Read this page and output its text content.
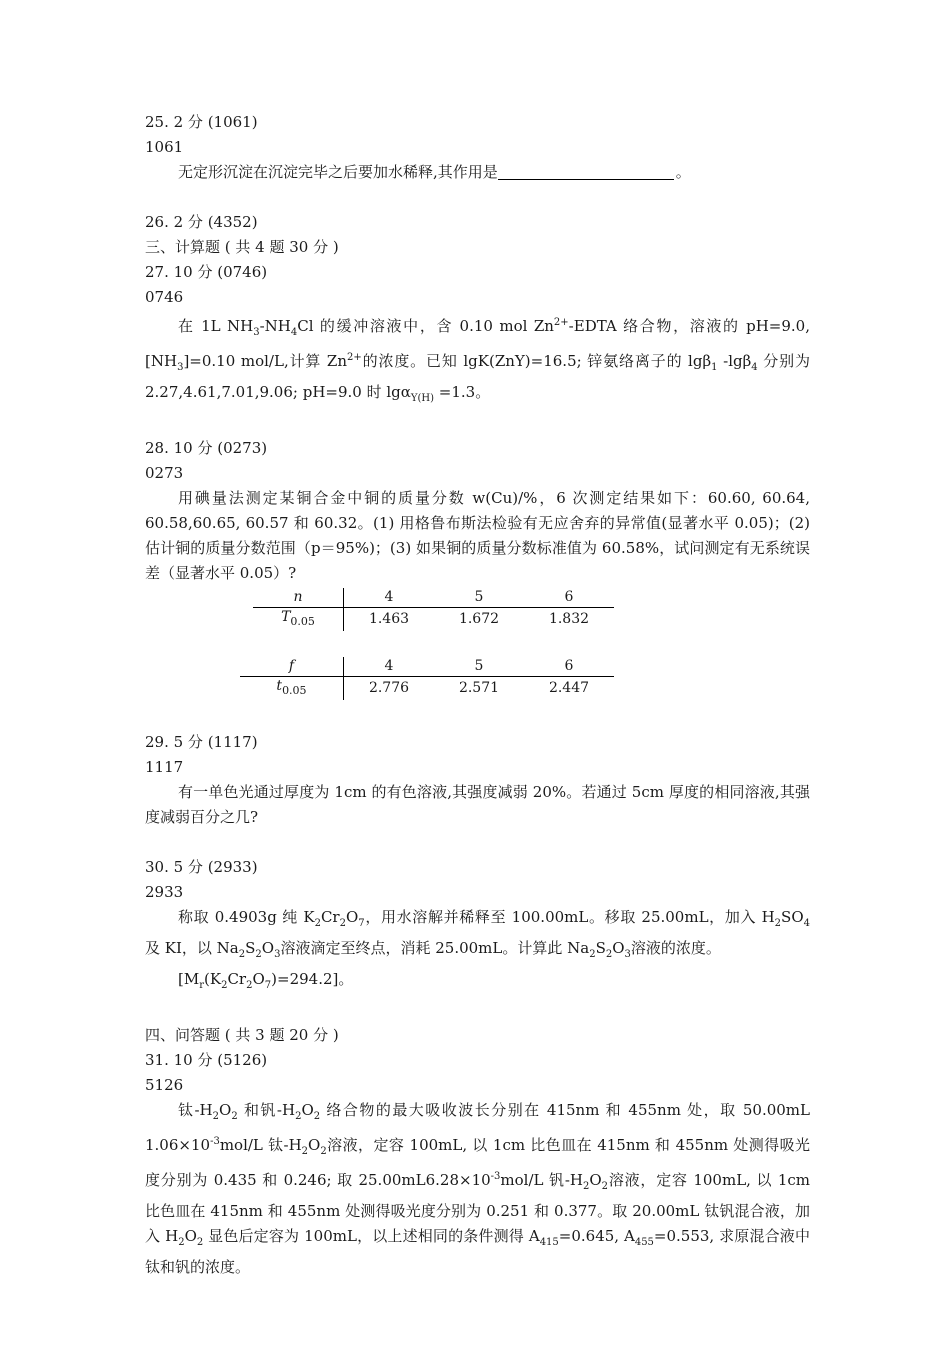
25. 2 分 (1061)
1061
无定形沉淀在沉淀完毕之后要加水稀释,其作用是	。
26. 2 分 (4352)
三、计算题 ( 共 4 题 30 分 )
27. 10 分 (0746)
0746
在 1L $NH_3-NH_4Cl$ 的缓冲溶液中，含 0.10 mol $Zn^{2+}$-EDTA 络合物，溶液的 $pH=9.0,[NH_3]=0.10$ mol/L,计算 $Zn^{2+}$的浓度。已知 lgK(ZnY)=16.5; 锌氨络离子的 lgβ$_1$ -lgβ$_4$ 分别为 2.27,4.61,7.01,9.06; pH=9.0 时 lgα$_{Y(H)}$ =1.3。
28. 10 分 (0273)
0273
用碘量法测定某铜合金中铜的质量分数 w(Cu)/%，6 次测定结果如下：60.60, 60.64, 60.58,60.65, 60.57 和 60.32。(1) 用格鲁布斯法检验有无应舍弃的异常值(显著水平 0.05)；(2) 估计铜的质量分数范围（p＝95%)；(3) 如果铜的质量分数标准值为 60.58%，试问测定有无系统误差（显著水平 0.05）?
n	4	5	6
$T_{0.05}$	1.463	1.672	1.832
f	4	5	6
$t_{0.05}$	2.776	2.571	2.447
29. 5 分 (1117)
1117
有一单色光通过厚度为 1cm 的有色溶液,其强度减弱 20%。若通过 5cm 厚度的相同溶液,其强度减弱百分之几?
30. 5 分 (2933)
2933
称取 0.4903g 纯 $K_2Cr_2O_7$，用水溶解并稀释至 100.00mL。移取 25.00mL，加入 $H_2SO_4$ 及 KI，以 $Na_2S_2O_3$溶液滴定至终点，消耗 25.00mL。计算此 $Na_2S_2O_3$溶液的浓度。
$[M_r(K_2Cr_2O_7)=294.2]$。
四、问答题 ( 共 3 题 20 分 )
31. 10 分 (5126)
5126
钛$-H_2O_2$ 和钒$-H_2O_2$ 络合物的最大吸收波长分别在 415nm 和 455nm 处，取 50.00mL $1.06\times 10^{-3}mol/L$ 钛$-H_2O_2$溶液，定容 100mL, 以 1cm 比色皿在 415nm 和 455nm 处测得吸光度分别为 0.435 和 0.246; 取 $25.00mL6.28\times 10^{-3}mol/L$ 钒$-H_2O_2$溶液，定容 100mL, 以 1cm 比色皿在 415nm 和 455nm 处测得吸光度分别为 0.251 和 0.377。取 20.00mL 钛钒混合液，加入 $H_2O_2$ 显色后定容为 100mL，以上述相同的条件测得 $A_{415}=0.645$, $A_{455}=0.553$, 求原混合液中钛和钒的浓度。
